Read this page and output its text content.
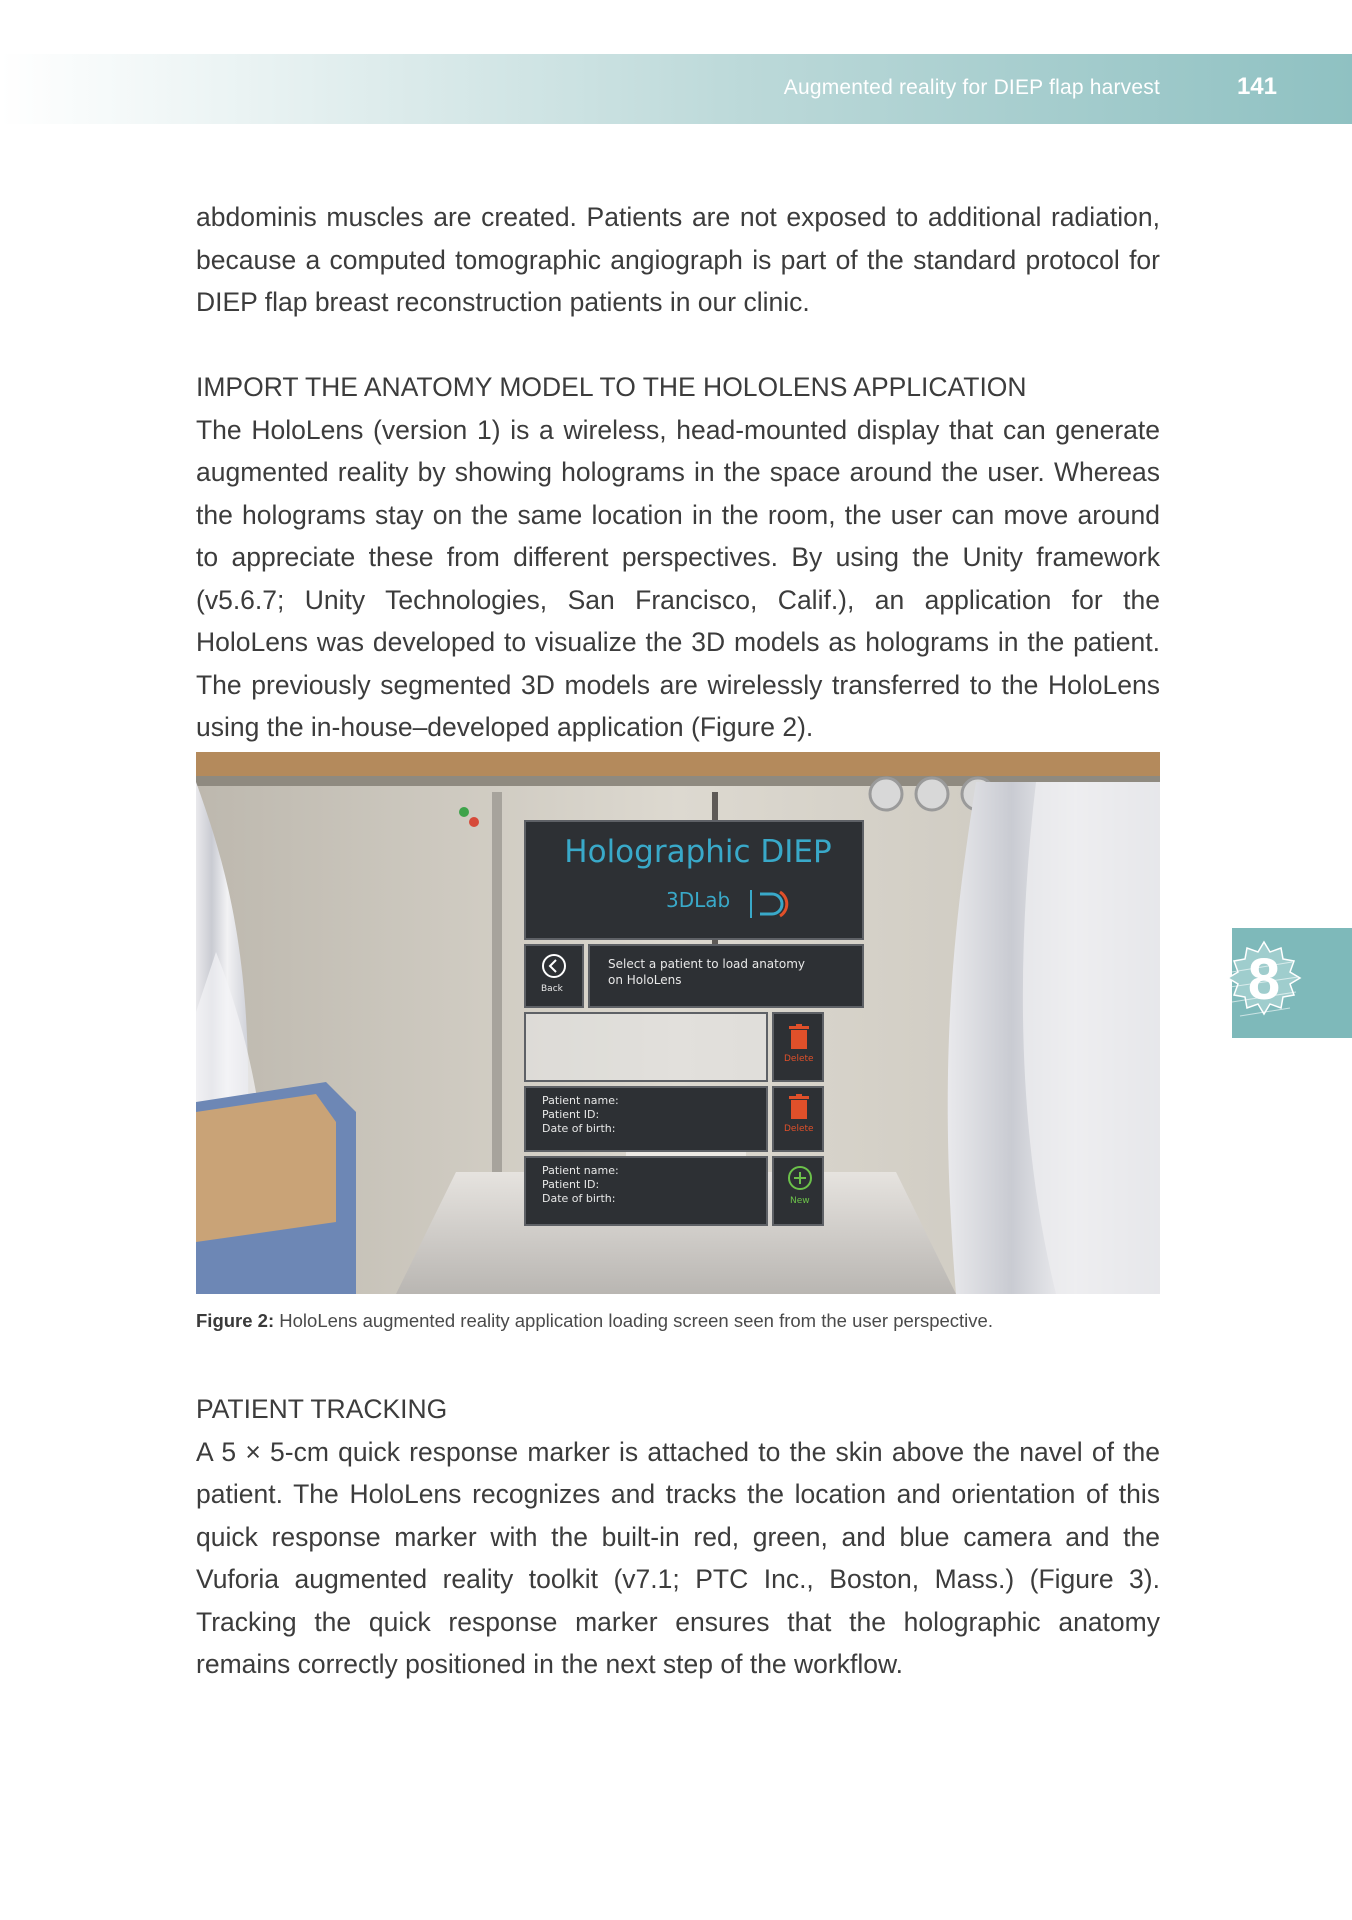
Augmented reality for DIEP flap harvest	141
8

abdominis muscles are created. Patients are not exposed to additional radiation, because a computed tomographic angiograph is part of the standard protocol for DIEP flap breast reconstruction patients in our clinic.

IMPORT THE ANATOMY MODEL TO THE HOLOLENS APPLICATION

The HoloLens (version 1) is a wireless, head-mounted display that can generate augmented reality by showing holograms in the space around the user. Whereas the holograms stay on the same location in the room, the user can move around to appreciate these from different perspectives. By using the Unity framework (v5.6.7; Unity Technologies, San Francisco, Calif.), an application for the HoloLens was developed to visualize the 3D models as holograms in the patient. The previously segmented 3D models are wirelessly transferred to the HoloLens using the in-house–developed application (Figure 2).

Holographic DIEP
3DLab
Back
Select a patient to load anatomy on HoloLens
Delete
Patient name:
Patient ID:
Date of birth:	Delete
Patient name:
Patient ID:
Date of birth:	New
Figure 2: HoloLens augmented reality application loading screen seen from the user perspective.

PATIENT TRACKING

A 5 × 5-cm quick response marker is attached to the skin above the navel of the patient. The HoloLens recognizes and tracks the location and orientation of this quick response marker with the built-in red, green, and blue camera and the Vuforia augmented reality toolkit (v7.1; PTC Inc., Boston, Mass.) (Figure 3). Tracking the quick response marker ensures that the holographic anatomy remains correctly positioned in the next step of the workflow.
